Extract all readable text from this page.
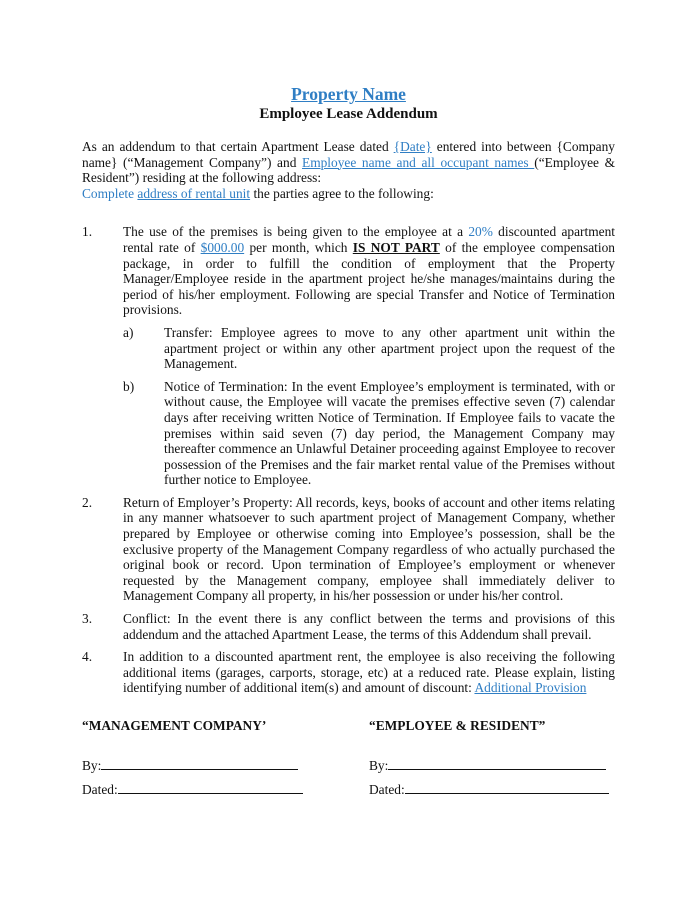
Property Name

Employee Lease Addendum

As an addendum to that certain Apartment Lease dated {Date} entered into between {Company name} (“Management Company”) and Employee name and all occupant names (“Employee & Resident”) residing at the following address:
Complete address of rental unit the parties agree to the following:
1. The use of the premises is being given to the employee at a 20% discounted apartment rental rate of $000.00 per month, which IS NOT PART of the employee compensation package, in order to fulfill the condition of employment that the Property Manager/Employee reside in the apartment project he/she manages/maintains during the period of his/her employment. Following are special Transfer and Notice of Termination provisions.
a) Transfer: Employee agrees to move to any other apartment unit within the apartment project or within any other apartment project upon the request of the Management.
b) Notice of Termination: In the event Employee’s employment is terminated, with or without cause, the Employee will vacate the premises effective seven (7) calendar days after receiving written Notice of Termination. If Employee fails to vacate the premises within said seven (7) day period, the Management Company may thereafter commence an Unlawful Detainer proceeding against Employee to recover possession of the Premises and the fair market rental value of the Premises without further notice to Employee.
2. Return of Employer’s Property: All records, keys, books of account and other items relating in any manner whatsoever to such apartment project of Management Company, whether prepared by Employee or otherwise coming into Employee’s possession, shall be the exclusive property of the Management Company regardless of who actually purchased the original book or record. Upon termination of Employee’s employment or whenever requested by the Management company, employee shall immediately deliver to Management Company all property, in his/her possession or under his/her control.
3. Conflict: In the event there is any conflict between the terms and provisions of this addendum and the attached Apartment Lease, the terms of this Addendum shall prevail.
4. In addition to a discounted apartment rent, the employee is also receiving the following additional items (garages, carports, storage, etc) at a reduced rate. Please explain, listing identifying number of additional item(s) and amount of discount: Additional Provision
“MANAGEMENT COMPANY’
By:
Dated:
“EMPLOYEE & RESIDENT”
By:
Dated:
